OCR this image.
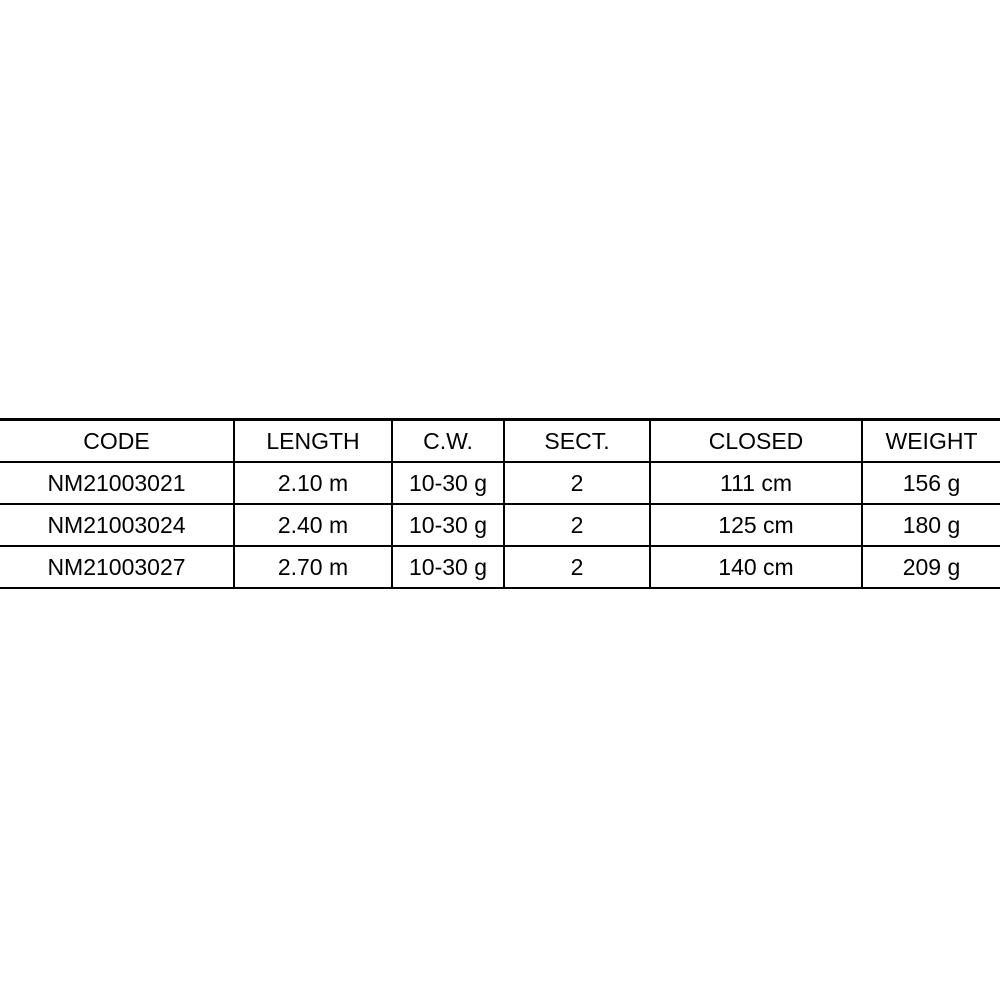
CODE	LENGTH	C.W.	SECT.	CLOSED	WEIGHT
NM21003021	2.10 m	10-30 g	2	111 cm	156 g
NM21003024	2.40 m	10-30 g	2	125 cm	180 g
NM21003027	2.70 m	10-30 g	2	140 cm	209 g
